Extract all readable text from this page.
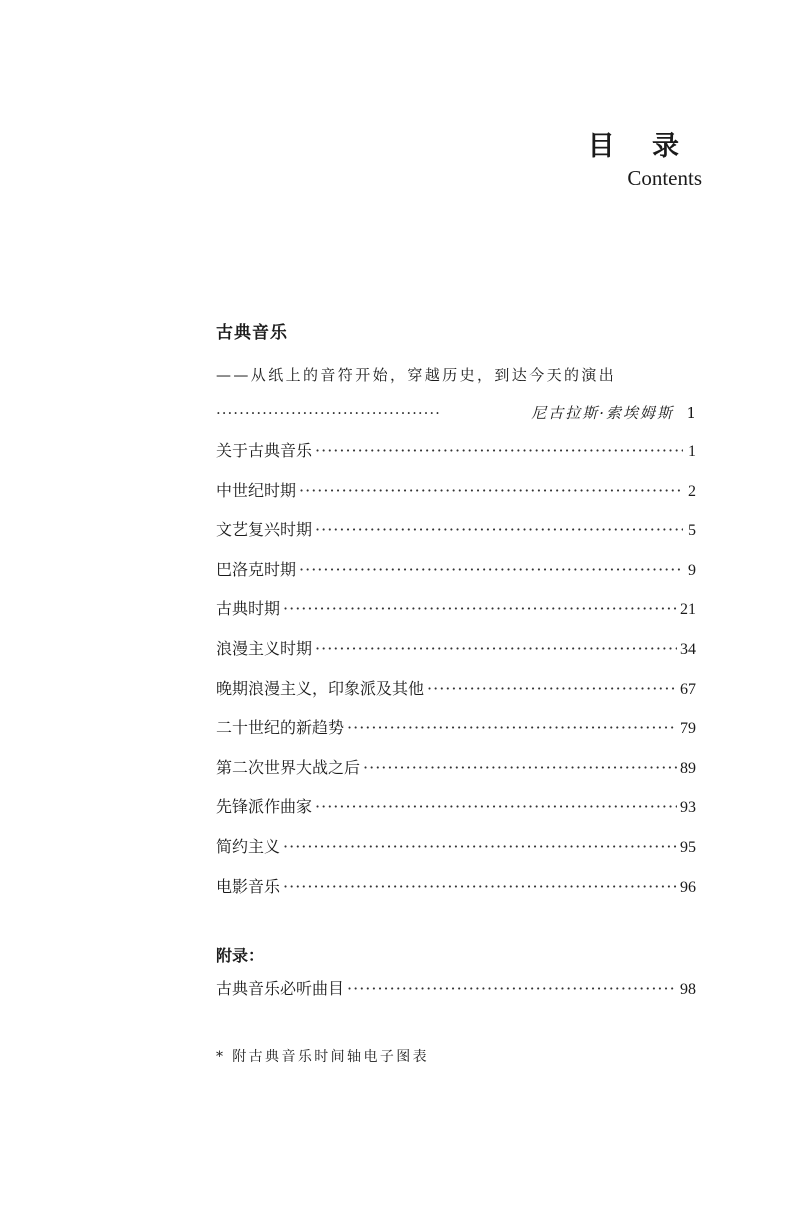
目 录
Contents
古典音乐
——从纸上的音符开始，穿越历史，到达今天的演出
·······································	尼古拉斯·索埃姆斯 1
关于古典音乐 ·····	1
中世纪时期 ·····	2
文艺复兴时期 ·····	5
巴洛克时期 ·····	9
古典时期 ·····	21
浪漫主义时期 ·····	34
晚期浪漫主义，印象派及其他 ·····	67
二十世纪的新趋势 ·····	79
第二次世界大战之后 ·····	89
先锋派作曲家 ·····	93
简约主义 ·····	95
电影音乐 ·····	96
附录：
古典音乐必听曲目 ·····	98
* 附古典音乐时间轴电子图表
